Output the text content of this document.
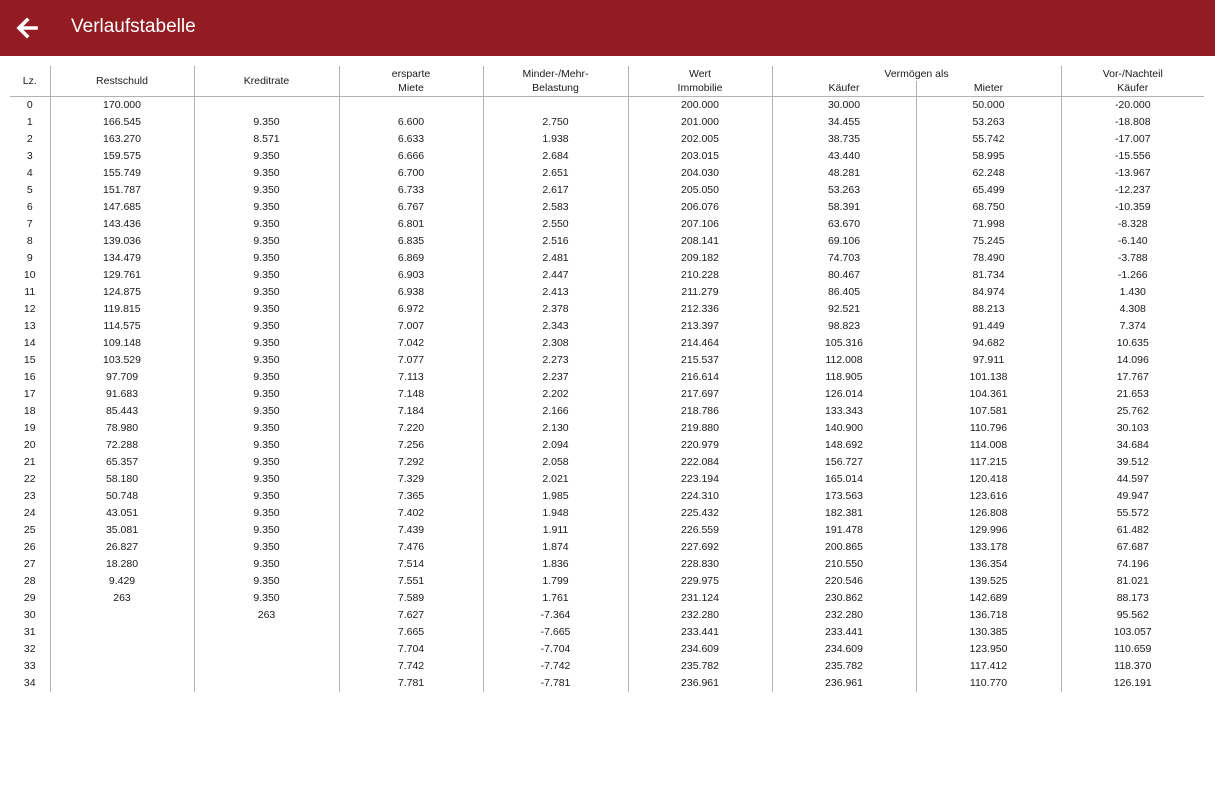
Verlaufstabelle
Lz.	Restschuld	Kreditrate	ersparte	Minder-/Mehr-	Wert	Vermögen als		Vor-/Nachteil
			Miete	Belastung	Immobilie	Käufer	Mieter	Käufer
0	170.000				200.000	30.000	50.000	-20.000
1	166.545	9.350	6.600	2.750	201.000	34.455	53.263	-18.808
2	163.270	8.571	6.633	1.938	202.005	38.735	55.742	-17.007
3	159.575	9.350	6.666	2.684	203.015	43.440	58.995	-15.556
4	155.749	9.350	6.700	2.651	204.030	48.281	62.248	-13.967
5	151.787	9.350	6.733	2.617	205.050	53.263	65.499	-12.237
6	147.685	9.350	6.767	2.583	206.076	58.391	68.750	-10.359
7	143.436	9.350	6.801	2.550	207.106	63.670	71.998	-8.328
8	139.036	9.350	6.835	2.516	208.141	69.106	75.245	-6.140
9	134.479	9.350	6.869	2.481	209.182	74.703	78.490	-3.788
10	129.761	9.350	6.903	2.447	210.228	80.467	81.734	-1.266
11	124.875	9.350	6.938	2.413	211.279	86.405	84.974	1.430
12	119.815	9.350	6.972	2.378	212.336	92.521	88.213	4.308
13	114.575	9.350	7.007	2.343	213.397	98.823	91.449	7.374
14	109.148	9.350	7.042	2.308	214.464	105.316	94.682	10.635
15	103.529	9.350	7.077	2.273	215.537	112.008	97.911	14.096
16	97.709	9.350	7.113	2.237	216.614	118.905	101.138	17.767
17	91.683	9.350	7.148	2.202	217.697	126.014	104.361	21.653
18	85.443	9.350	7.184	2.166	218.786	133.343	107.581	25.762
19	78.980	9.350	7.220	2.130	219.880	140.900	110.796	30.103
20	72.288	9.350	7.256	2.094	220.979	148.692	114.008	34.684
21	65.357	9.350	7.292	2.058	222.084	156.727	117.215	39.512
22	58.180	9.350	7.329	2.021	223.194	165.014	120.418	44.597
23	50.748	9.350	7.365	1.985	224.310	173.563	123.616	49.947
24	43.051	9.350	7.402	1.948	225.432	182.381	126.808	55.572
25	35.081	9.350	7.439	1.911	226.559	191.478	129.996	61.482
26	26.827	9.350	7.476	1.874	227.692	200.865	133.178	67.687
27	18.280	9.350	7.514	1.836	228.830	210.550	136.354	74.196
28	9.429	9.350	7.551	1.799	229.975	220.546	139.525	81.021
29	263	9.350	7.589	1.761	231.124	230.862	142.689	88.173
30		263	7.627	-7.364	232.280	232.280	136.718	95.562
31			7.665	-7.665	233.441	233.441	130.385	103.057
32			7.704	-7.704	234.609	234.609	123.950	110.659
33			7.742	-7.742	235.782	235.782	117.412	118.370
34			7.781	-7.781	236.961	236.961	110.770	126.191
